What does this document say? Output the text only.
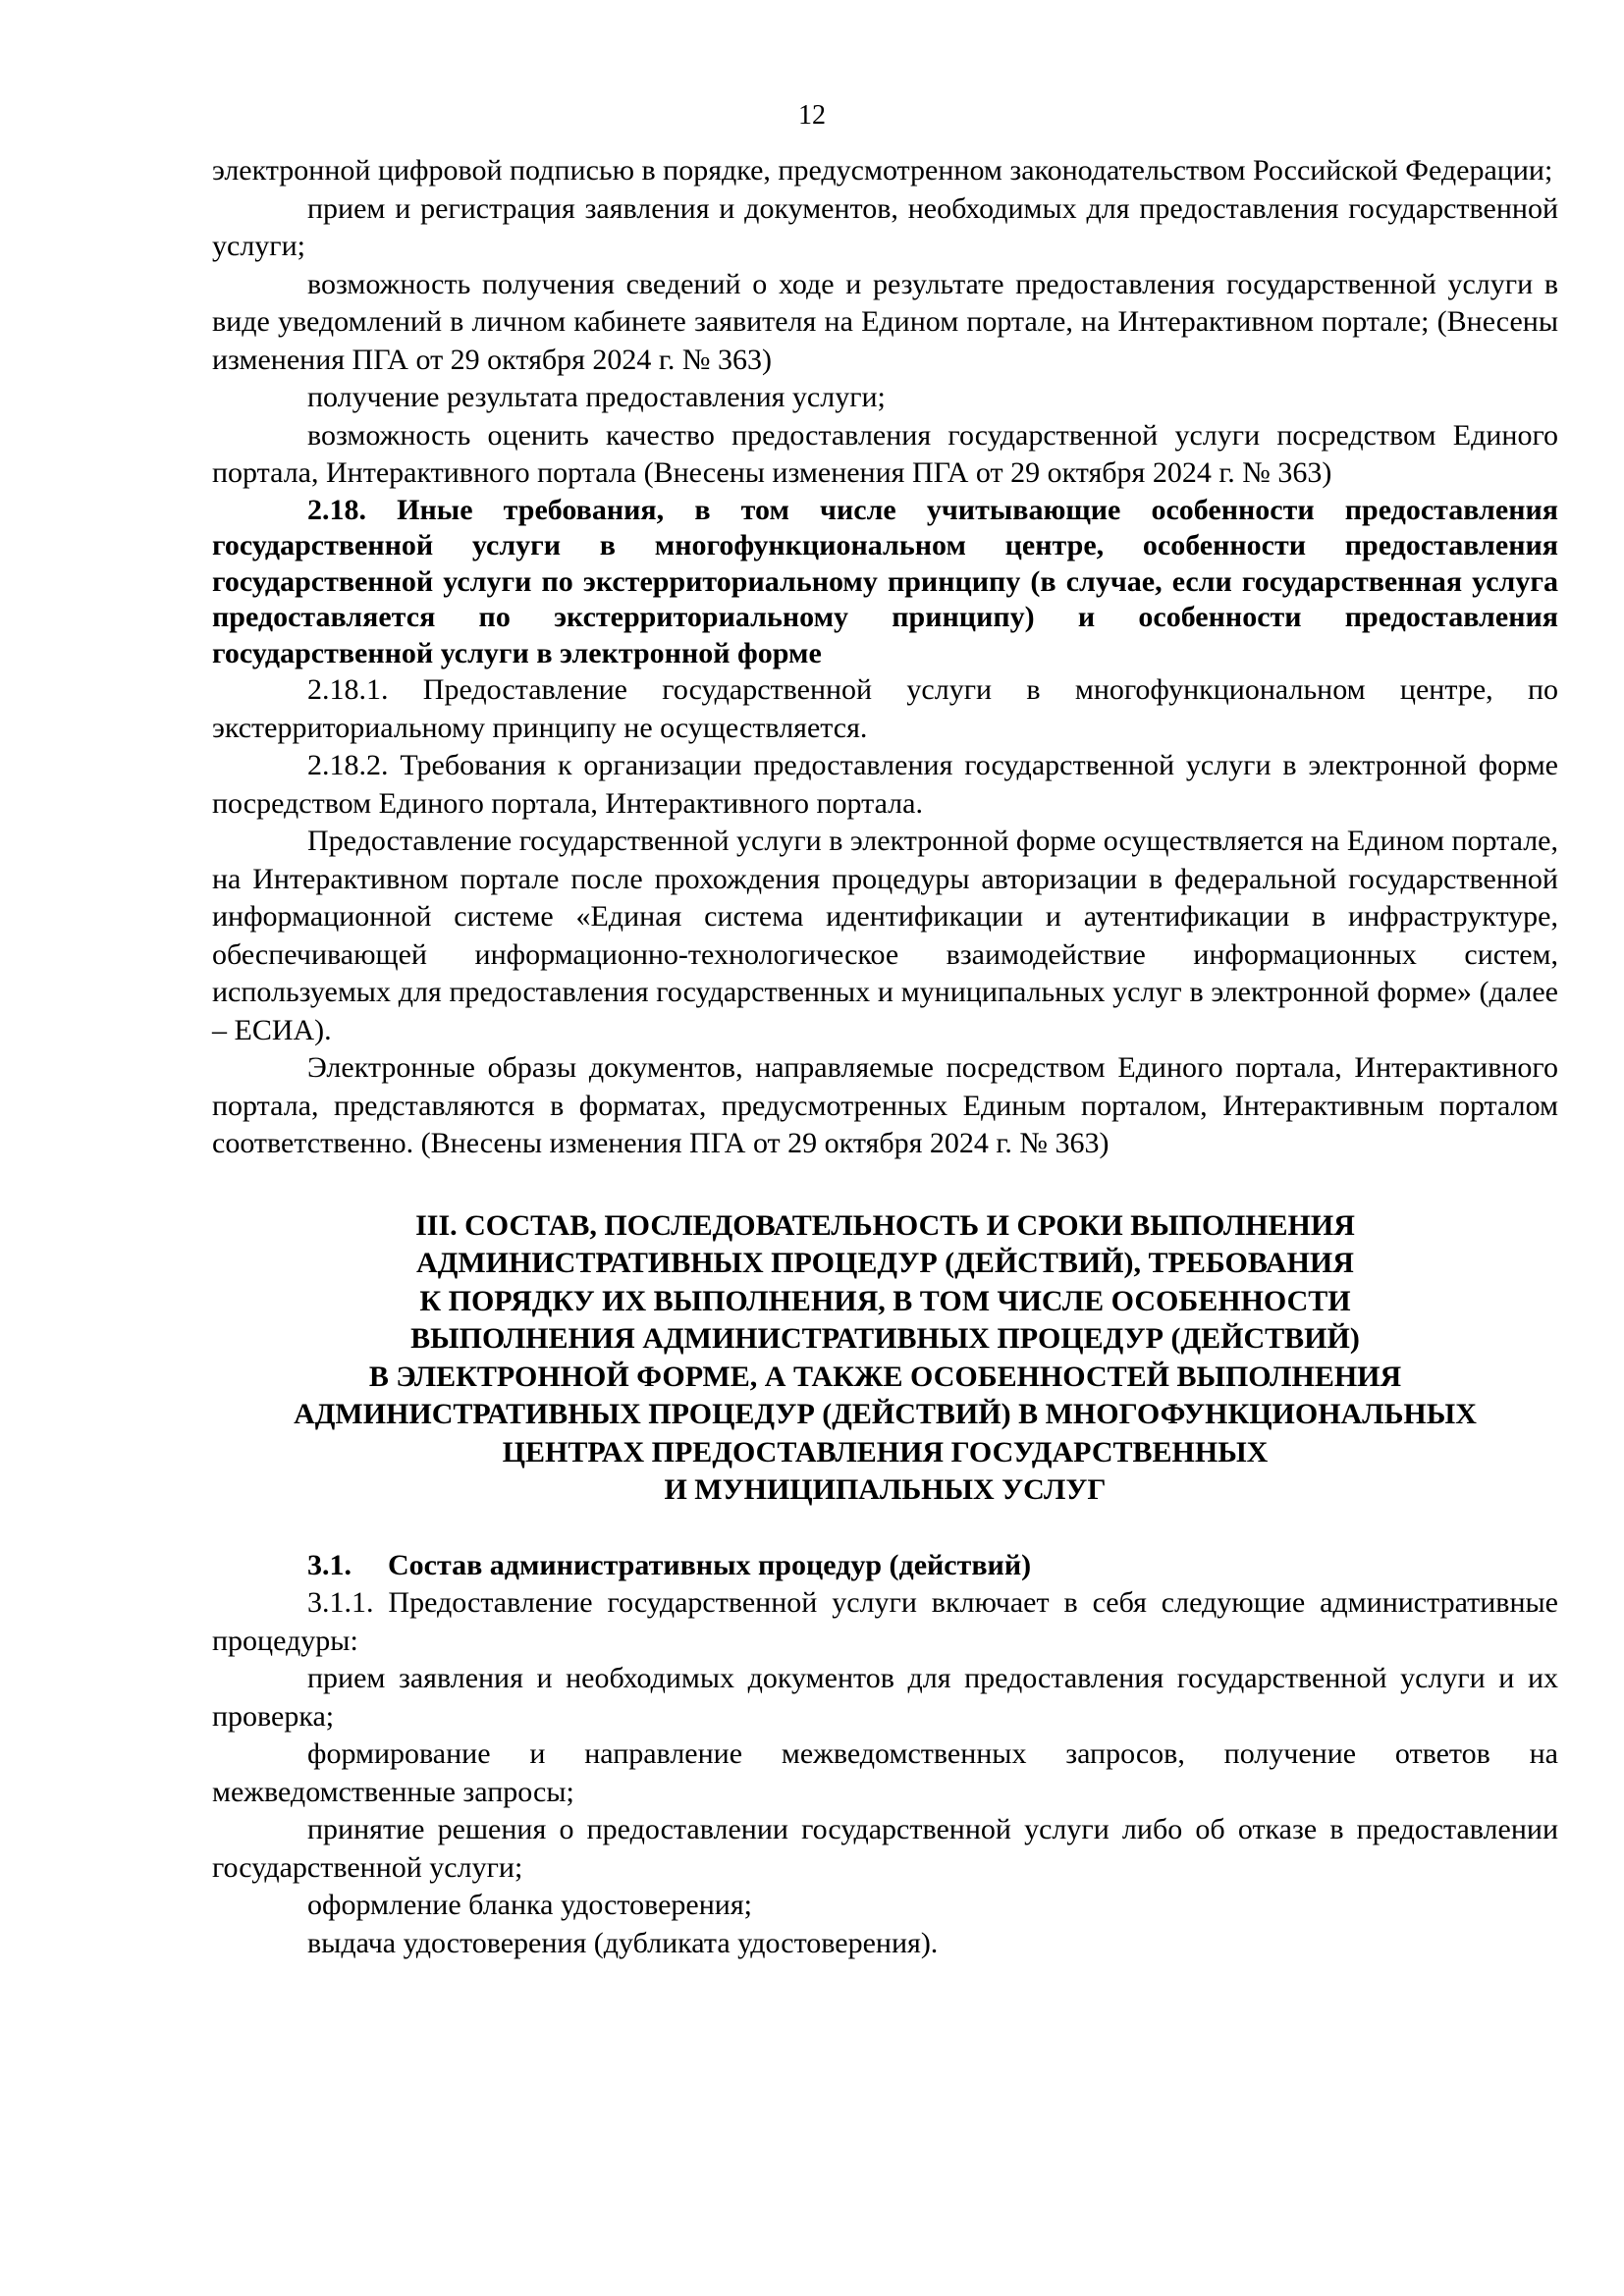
12

электронной цифровой подписью в порядке, предусмотренном законодательством Российской Федерации;

прием и регистрация заявления и документов, необходимых для предоставления государственной услуги;

возможность получения сведений о ходе и результате предоставления государственной услуги в виде уведомлений в личном кабинете заявителя на Едином портале, на Интерактивном портале; (Внесены изменения ПГА от 29 октября 2024 г. № 363)

получение результата предоставления услуги;

возможность оценить качество предоставления государственной услуги посредством Единого портала, Интерактивного портала (Внесены изменения ПГА от 29 октября 2024 г. № 363)

2.18. Иные требования, в том числе учитывающие особенности предоставления государственной услуги в многофункциональном центре, особенности предоставления государственной услуги по экстерриториальному принципу (в случае, если государственная услуга предоставляется по экстерриториальному принципу) и особенности предоставления государственной услуги в электронной форме

2.18.1. Предоставление государственной услуги в многофункциональном центре, по экстерриториальному принципу не осуществляется.

2.18.2. Требования к организации предоставления государственной услуги в электронной форме посредством Единого портала, Интерактивного портала.

Предоставление государственной услуги в электронной форме осуществляется на Едином портале, на Интерактивном портале после прохождения процедуры авторизации в федеральной государственной информационной системе «Единая система идентификации и аутентификации в инфраструктуре, обеспечивающей информационно-технологическое взаимодействие информационных систем, используемых для предоставления государственных и муниципальных услуг в электронной форме» (далее – ЕСИА).

Электронные образы документов, направляемые посредством Единого портала, Интерактивного портала, представляются в форматах, предусмотренных Единым порталом, Интерактивным порталом соответственно. (Внесены изменения ПГА от 29 октября 2024 г. № 363)

III. СОСТАВ, ПОСЛЕДОВАТЕЛЬНОСТЬ И СРОКИ ВЫПОЛНЕНИЯ
АДМИНИСТРАТИВНЫХ ПРОЦЕДУР (ДЕЙСТВИЙ), ТРЕБОВАНИЯ
К ПОРЯДКУ ИХ ВЫПОЛНЕНИЯ, В ТОМ ЧИСЛЕ ОСОБЕННОСТИ
ВЫПОЛНЕНИЯ АДМИНИСТРАТИВНЫХ ПРОЦЕДУР (ДЕЙСТВИЙ)
В ЭЛЕКТРОННОЙ ФОРМЕ, А ТАКЖЕ ОСОБЕННОСТЕЙ ВЫПОЛНЕНИЯ
АДМИНИСТРАТИВНЫХ ПРОЦЕДУР (ДЕЙСТВИЙ) В МНОГОФУНКЦИОНАЛЬНЫХ
ЦЕНТРАХ ПРЕДОСТАВЛЕНИЯ ГОСУДАРСТВЕННЫХ
И МУНИЦИПАЛЬНЫХ УСЛУГ

3.1. Состав административных процедур (действий)

3.1.1. Предоставление государственной услуги включает в себя следующие административные процедуры:

прием заявления и необходимых документов для предоставления государственной услуги и их проверка;

формирование и направление межведомственных запросов, получение ответов на межведомственные запросы;

принятие решения о предоставлении государственной услуги либо об отказе в предоставлении государственной услуги;

оформление бланка удостоверения;

выдача удостоверения (дубликата удостоверения).
